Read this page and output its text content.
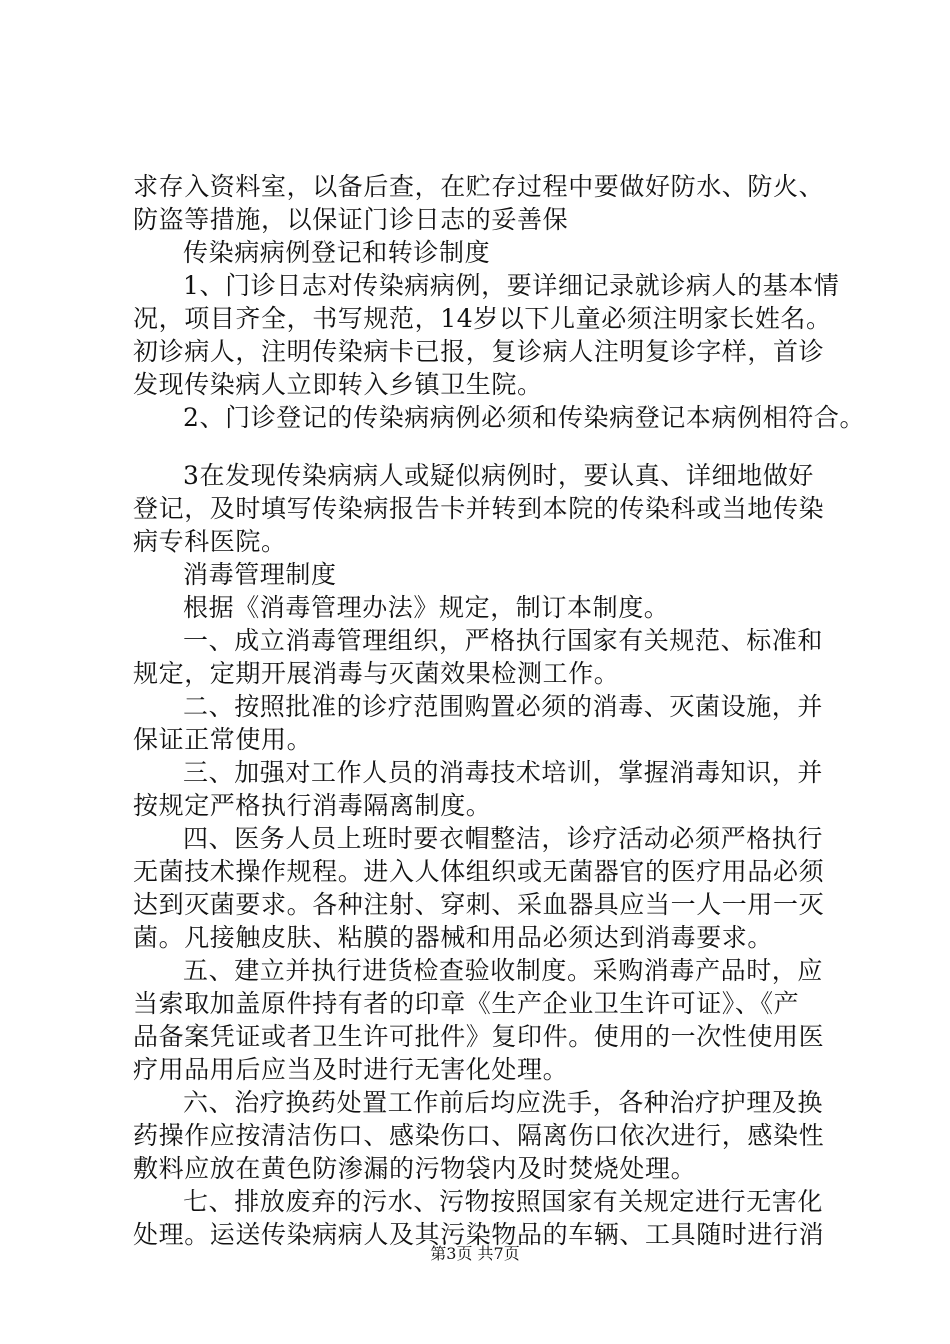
求存入资料室，以备后查，在贮存过程中要做好防水、防火、
防盗等措施，以保证门诊日志的妥善保
传染病病例登记和转诊制度
1、门诊日志对传染病病例，要详细记录就诊病人的基本情
况，项目齐全，书写规范，14岁以下儿童必须注明家长姓名。
初诊病人，注明传染病卡已报，复诊病人注明复诊字样，首诊
发现传染病人立即转入乡镇卫生院。
2、门诊登记的传染病病例必须和传染病登记本病例相符合。
3在发现传染病病人或疑似病例时，要认真、详细地做好
登记，及时填写传染病报告卡并转到本院的传染科或当地传染
病专科医院。
消毒管理制度
根据《消毒管理办法》规定，制订本制度。
一、成立消毒管理组织，严格执行国家有关规范、标准和
规定，定期开展消毒与灭菌效果检测工作。
二、按照批准的诊疗范围购置必须的消毒、灭菌设施，并
保证正常使用。
三、加强对工作人员的消毒技术培训，掌握消毒知识，并
按规定严格执行消毒隔离制度。
四、医务人员上班时要衣帽整洁，诊疗活动必须严格执行
无菌技术操作规程。进入人体组织或无菌器官的医疗用品必须
达到灭菌要求。各种注射、穿刺、采血器具应当一人一用一灭
菌。凡接触皮肤、粘膜的器械和用品必须达到消毒要求。
五、建立并执行进货检查验收制度。采购消毒产品时，应
当索取加盖原件持有者的印章《生产企业卫生许可证》、《产
品备案凭证或者卫生许可批件》复印件。使用的一次性使用医
疗用品用后应当及时进行无害化处理。
六、治疗换药处置工作前后均应洗手，各种治疗护理及换
药操作应按清洁伤口、感染伤口、隔离伤口依次进行，感染性
敷料应放在黄色防渗漏的污物袋内及时焚烧处理。
七、排放废弃的污水、污物按照国家有关规定进行无害化
处理。运送传染病病人及其污染物品的车辆、工具随时进行消
第3页 共7页
